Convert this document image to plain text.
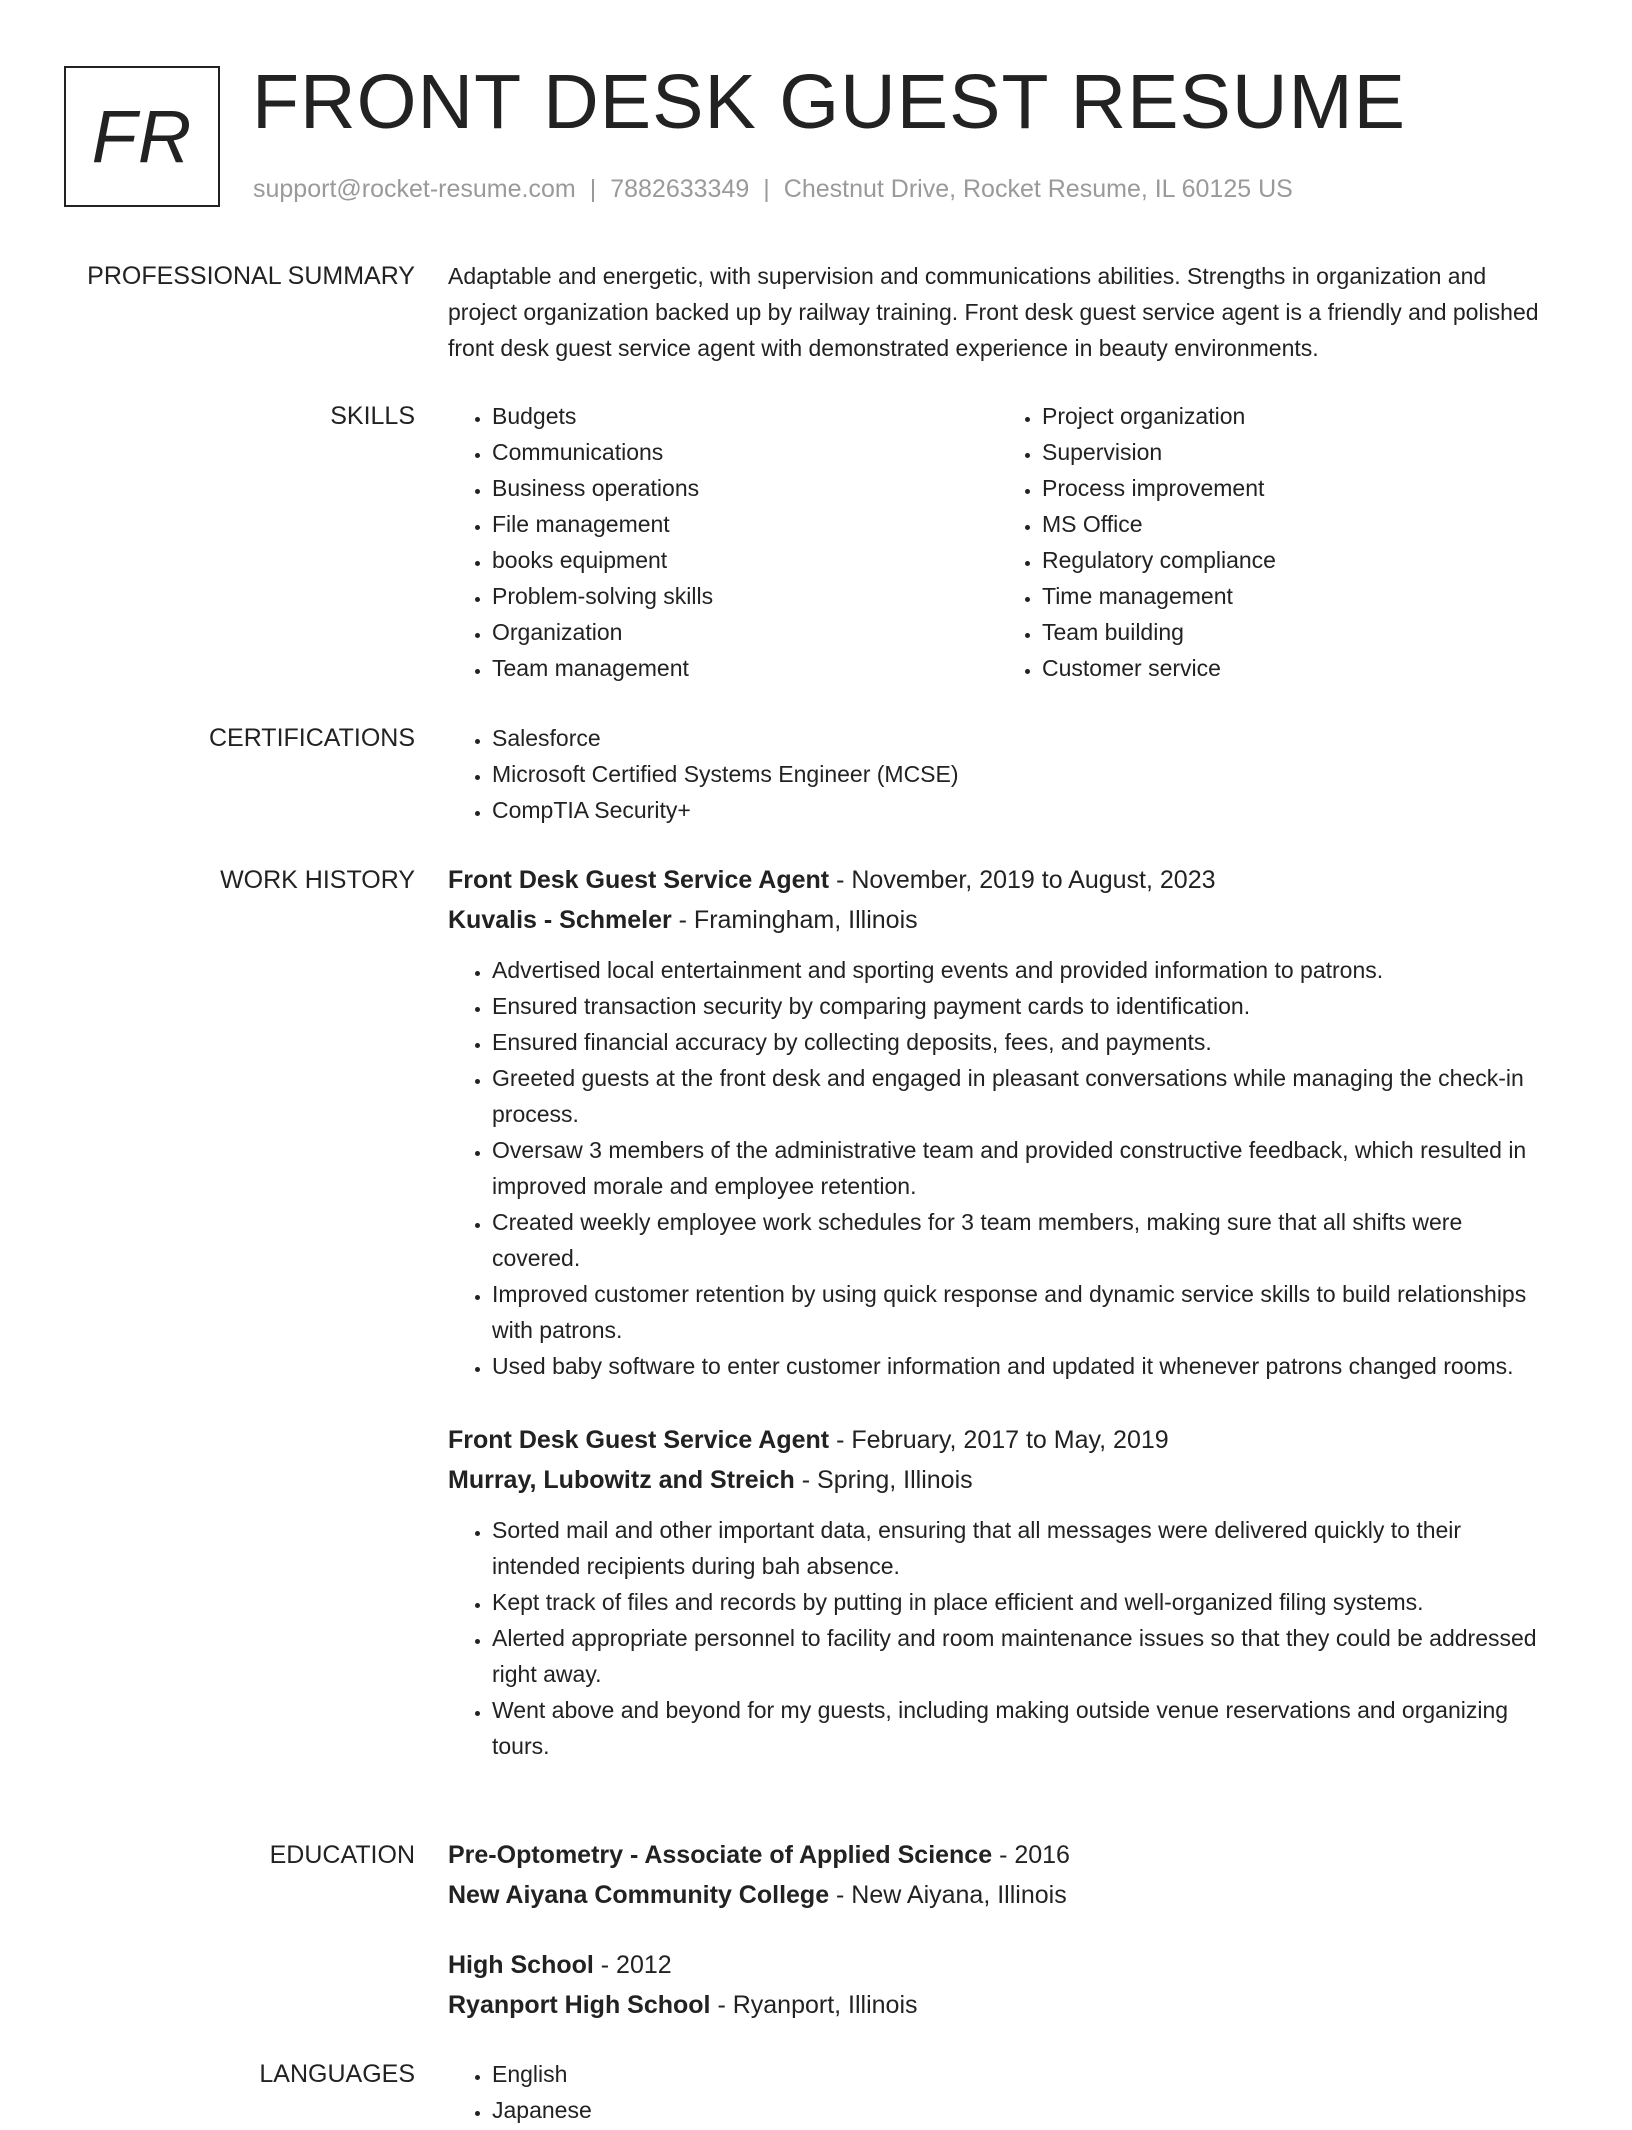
FR FRONT DESK GUEST RESUME
support@rocket-resume.com | 7882633349 | Chestnut Drive, Rocket Resume, IL 60125 US
PROFESSIONAL SUMMARY Adaptable and energetic, with supervision and communications abilities. Strengths in organization and project organization backed up by railway training. Front desk guest service agent is a friendly and polished front desk guest service agent with demonstrated experience in beauty environments.
SKILLS	• Budgets
• Communications
• Business operations
• File management
• books equipment
• Problem-solving skills
• Organization
• Team management
• Project organization
• Supervision
• Process improvement
• MS Office
• Regulatory compliance
• Time management
• Team building
• Customer service
CERTIFICATIONS	• Salesforce
• Microsoft Certified Systems Engineer (MCSE)
• CompTIA Security+
WORK HISTORY Front Desk Guest Service Agent - November, 2019 to August, 2023
Kuvalis - Schmeler - Framingham, Illinois
• Advertised local entertainment and sporting events and provided information to patrons.
• Ensured transaction security by comparing payment cards to identification.
• Ensured financial accuracy by collecting deposits, fees, and payments.
• Greeted guests at the front desk and engaged in pleasant conversations while managing the check-in process.
• Oversaw 3 members of the administrative team and provided constructive feedback, which resulted in improved morale and employee retention.
• Created weekly employee work schedules for 3 team members, making sure that all shifts were covered.
• Improved customer retention by using quick response and dynamic service skills to build relationships with patrons.
• Used baby software to enter customer information and updated it whenever patrons changed rooms.
Front Desk Guest Service Agent - February, 2017 to May, 2019
Murray, Lubowitz and Streich - Spring, Illinois
• Sorted mail and other important data, ensuring that all messages were delivered quickly to their intended recipients during bah absence.
• Kept track of files and records by putting in place efficient and well-organized filing systems.
• Alerted appropriate personnel to facility and room maintenance issues so that they could be addressed right away.
• Went above and beyond for my guests, including making outside venue reservations and organizing tours.
EDUCATION Pre-Optometry - Associate of Applied Science - 2016
New Aiyana Community College - New Aiyana, Illinois
High School - 2012
Ryanport High School - Ryanport, Illinois
LANGUAGES	• English
• Japanese
